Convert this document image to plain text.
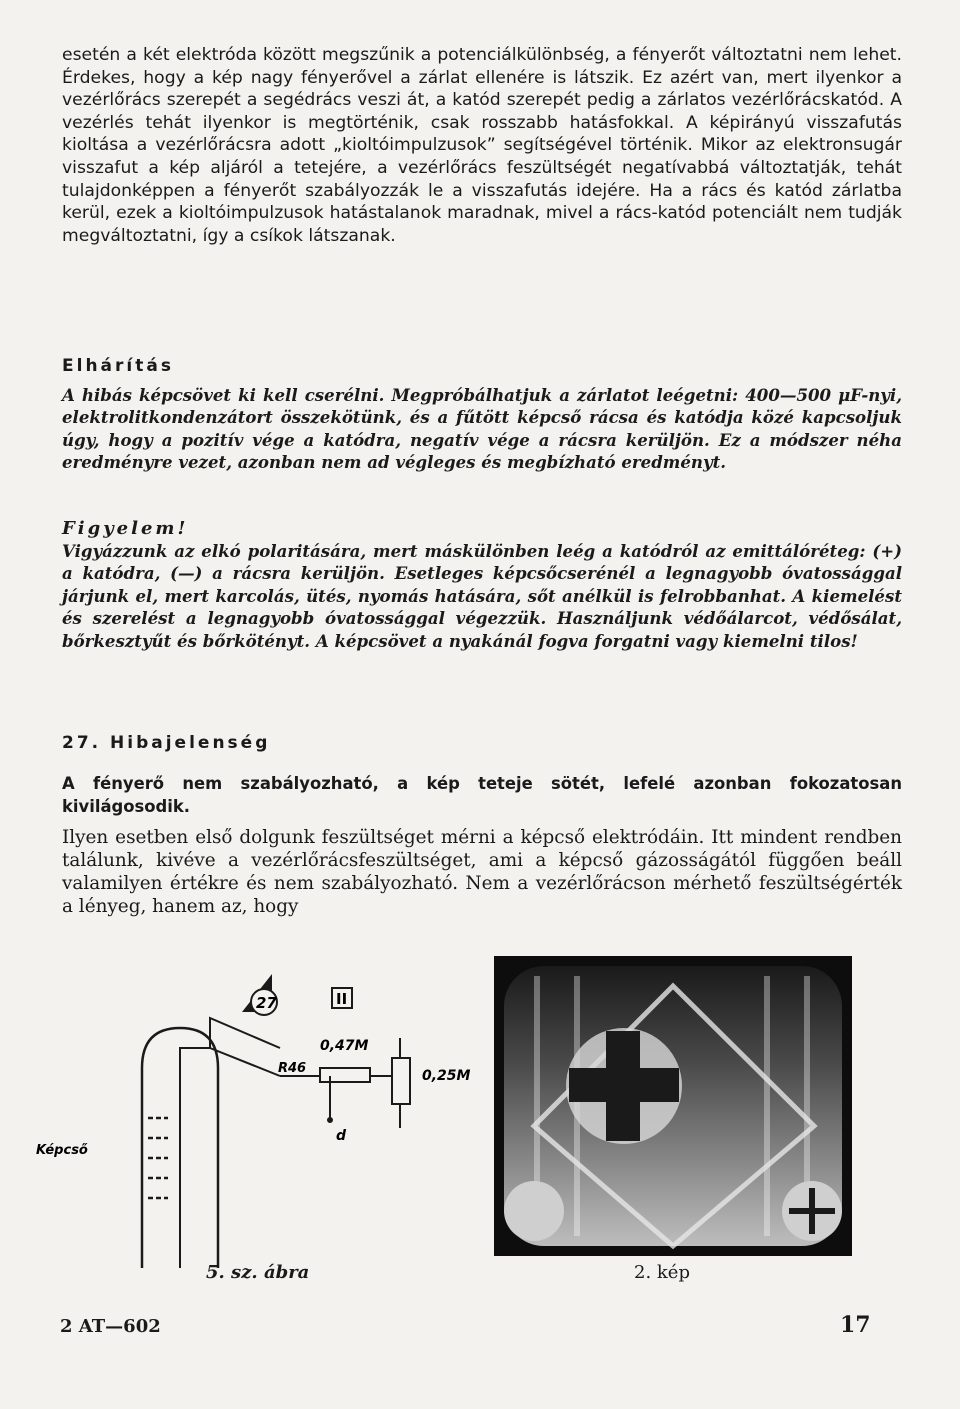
esetén a két elektróda között megszűnik a potenciálkülönbség, a fényerőt változtatni nem lehet. Érdekes, hogy a kép nagy fényerővel a zárlat ellenére is látszik. Ez azért van, mert ilyenkor a vezérlőrács szerepét a segédrács veszi át, a katód szerepét pedig a zárlatos vezérlőrácskatód. A vezérlés tehát ilyenkor is megtörténik, csak rosszabb hatásfokkal. A képirányú visszafutás kioltása a vezérlőrácsra adott „kioltóimpulzusok” segítségével történik. Mikor az elektronsugár visszafut a kép aljáról a tetejére, a vezérlőrács feszültségét negatívabbá változtatják, tehát tulajdonképpen a fényerőt szabályozzák le a visszafutás idejére. Ha a rács és katód zárlatba kerül, ezek a kioltóimpulzusok hatástalanok maradnak, mivel a rács-katód potenciált nem tudják megváltoztatni, így a csíkok látszanak.
Elhárítás
A hibás képcsövet ki kell cserélni. Megpróbálhatjuk a zárlatot leégetni: 400—500 μF-nyi, elektrolitkondenzátort összekötünk, és a fűtött képcső rácsa és katódja közé kapcsoljuk úgy, hogy a pozitív vége a katódra, negatív vége a rácsra kerüljön. Ez a módszer néha eredményre vezet, azonban nem ad végleges és megbízható eredményt.
Figyelem!
Vigyázzunk az elkó polaritására, mert máskülönben leég a katódról az emittálóréteg: (+) a katódra, (—) a rácsra kerüljön. Esetleges képcsőcserénél a legnagyobb óvatossággal járjunk el, mert karcolás, ütés, nyomás hatására, sőt anélkül is felrobbanhat. A kiemelést és szerelést a legnagyobb óvatossággal végezzük. Használjunk védőálarcot, védősálat, bőrkesztyűt és bőrkötényt. A képcsövet a nyakánál fogva forgatni vagy kiemelni tilos!
27. Hibajelenség
A fényerő nem szabályozható, a kép teteje sötét, lefelé azonban fokozatosan kivilágosodik.
Ilyen esetben első dolgunk feszültséget mérni a képcső elektródáin. Itt mindent rendben találunk, kivéve a vezérlőrácsfeszültséget, ami a képcső gázosságától függően beáll valamilyen értékre és nem szabályozható. Nem a vezérlőrácson mérhető feszültségérték a lényeg, hanem az, hogy
27	II
R46
0,47M
0,25M
d
Képcső
5. sz. ábra	2. kép
2 AT—602	17
